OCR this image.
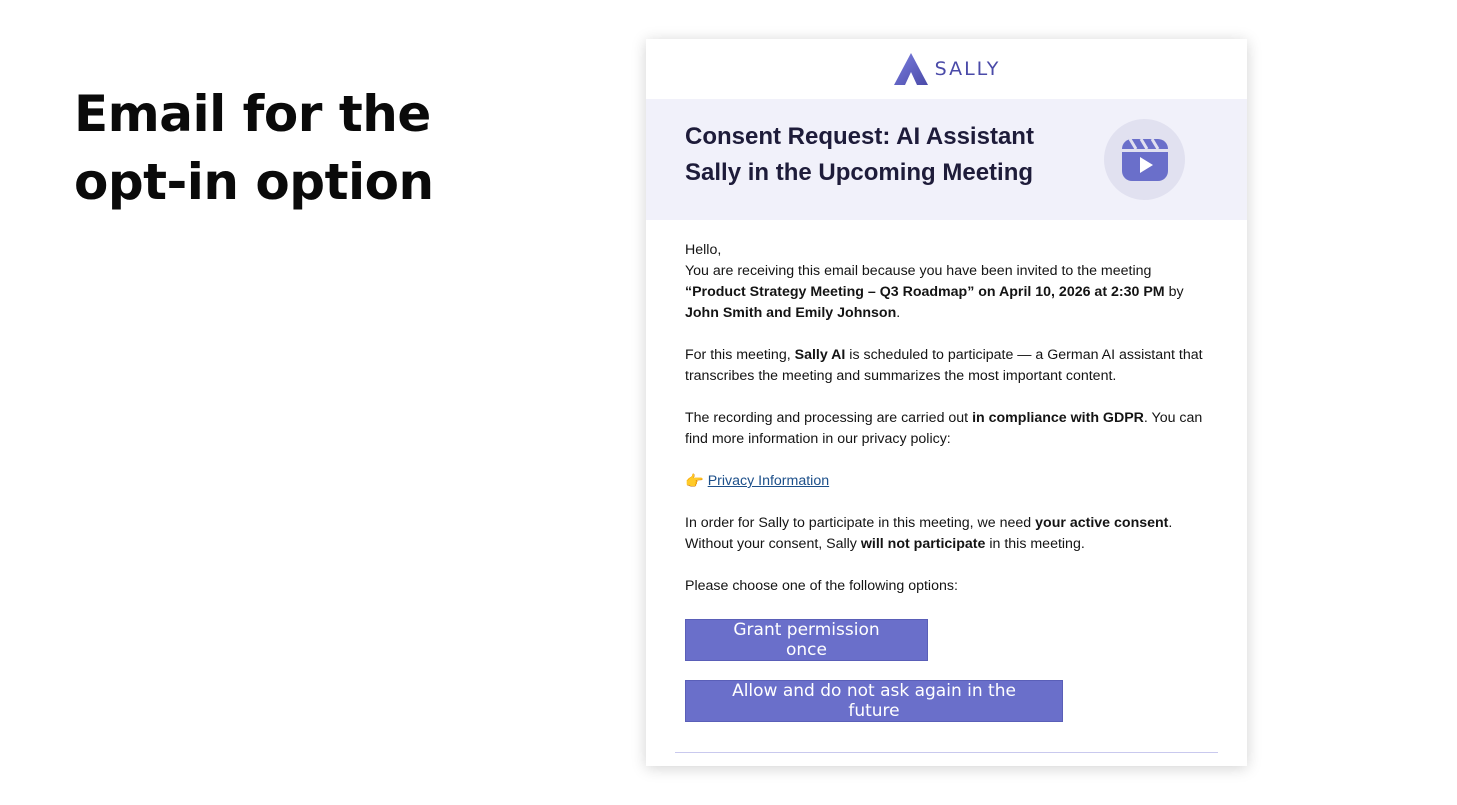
Email for the
opt-in option
SALLY
Consent Request: AI Assistant
Sally in the Upcoming Meeting

Hello,

You are receiving this email because you have been invited to the meeting
“Product Strategy Meeting – Q3 Roadmap” on April 10, 2026 at 2:30 PM by
John Smith and Emily Johnson.

For this meeting, Sally AI is scheduled to participate — a German AI assistant that transcribes the meeting and summarizes the most important content.

The recording and processing are carried out in compliance with GDPR. You can find more information in our privacy policy:

👉 Privacy Information

In order for Sally to participate in this meeting, we need your active consent. Without your consent, Sally will not participate in this meeting.

Please choose one of the following options:

Grant permission once
Allow and do not ask again in the future
